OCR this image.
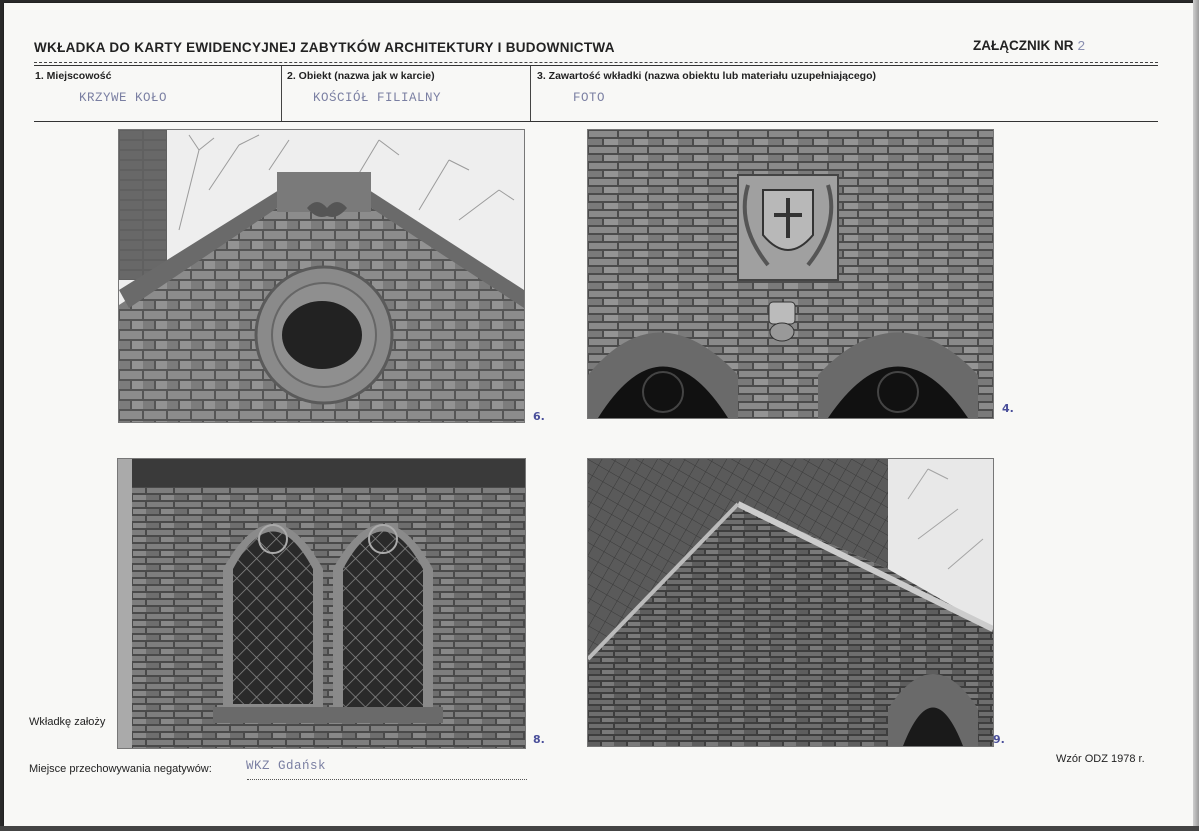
WKŁADKA DO KARTY EWIDENCYJNEJ ZABYTKÓW ARCHITEKTURY I BUDOWNICTWA	ZAŁĄCZNIK NR 2
1. Miejscowość
KRZYWE KOŁO
2. Obiekt (nazwa jak w karcie)
KOŚCIÓŁ FILIALNY
3. Zawartość wkładki (nazwa obiektu lub materiału uzupełniającego)
FOTO
6.
4.
8.	9.
Wkładkę założy
Miejsce przechowywania negatywów:	WKZ Gdańsk	Wzór ODZ 1978 r.
